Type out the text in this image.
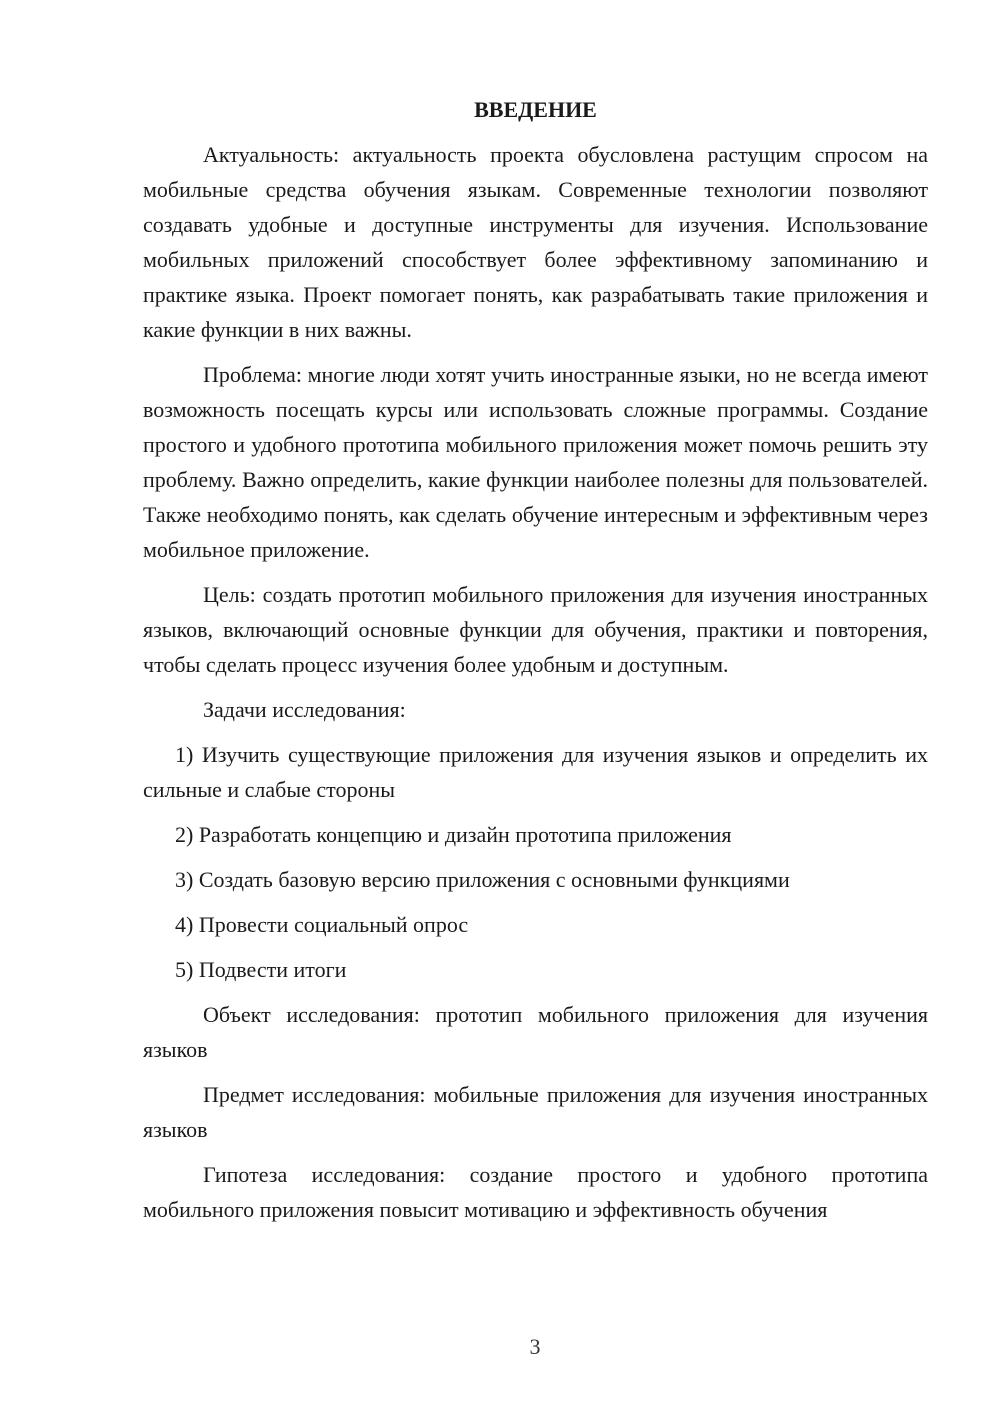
ВВЕДЕНИЕ

Актуальность: актуальность проекта обусловлена растущим спросом на мобильные средства обучения языкам. Современные технологии позволяют создавать удобные и доступные инструменты для изучения. Использование мобильных приложений способствует более эффективному запоминанию и практике языка. Проект помогает понять, как разрабатывать такие приложения и какие функции в них важны.

Проблема: многие люди хотят учить иностранные языки, но не всегда имеют возможность посещать курсы или использовать сложные программы. Создание простого и удобного прототипа мобильного приложения может помочь решить эту проблему. Важно определить, какие функции наиболее полезны для пользователей. Также необходимо понять, как сделать обучение интересным и эффективным через мобильное приложение.

Цель: создать прототип мобильного приложения для изучения иностранных языков, включающий основные функции для обучения, практики и повторения, чтобы сделать процесс изучения более удобным и доступным.

Задачи исследования:

1) Изучить существующие приложения для изучения языков и определить их сильные и слабые стороны

2) Разработать концепцию и дизайн прототипа приложения

3) Создать базовую версию приложения с основными функциями

4) Провести социальный опрос

5) Подвести итоги

Объект исследования: прототип мобильного приложения для изучения языков

Предмет исследования: мобильные приложения для изучения иностранных языков

Гипотеза исследования: создание простого и удобного прототипа мобильного приложения повысит мотивацию и эффективность обучения

3
